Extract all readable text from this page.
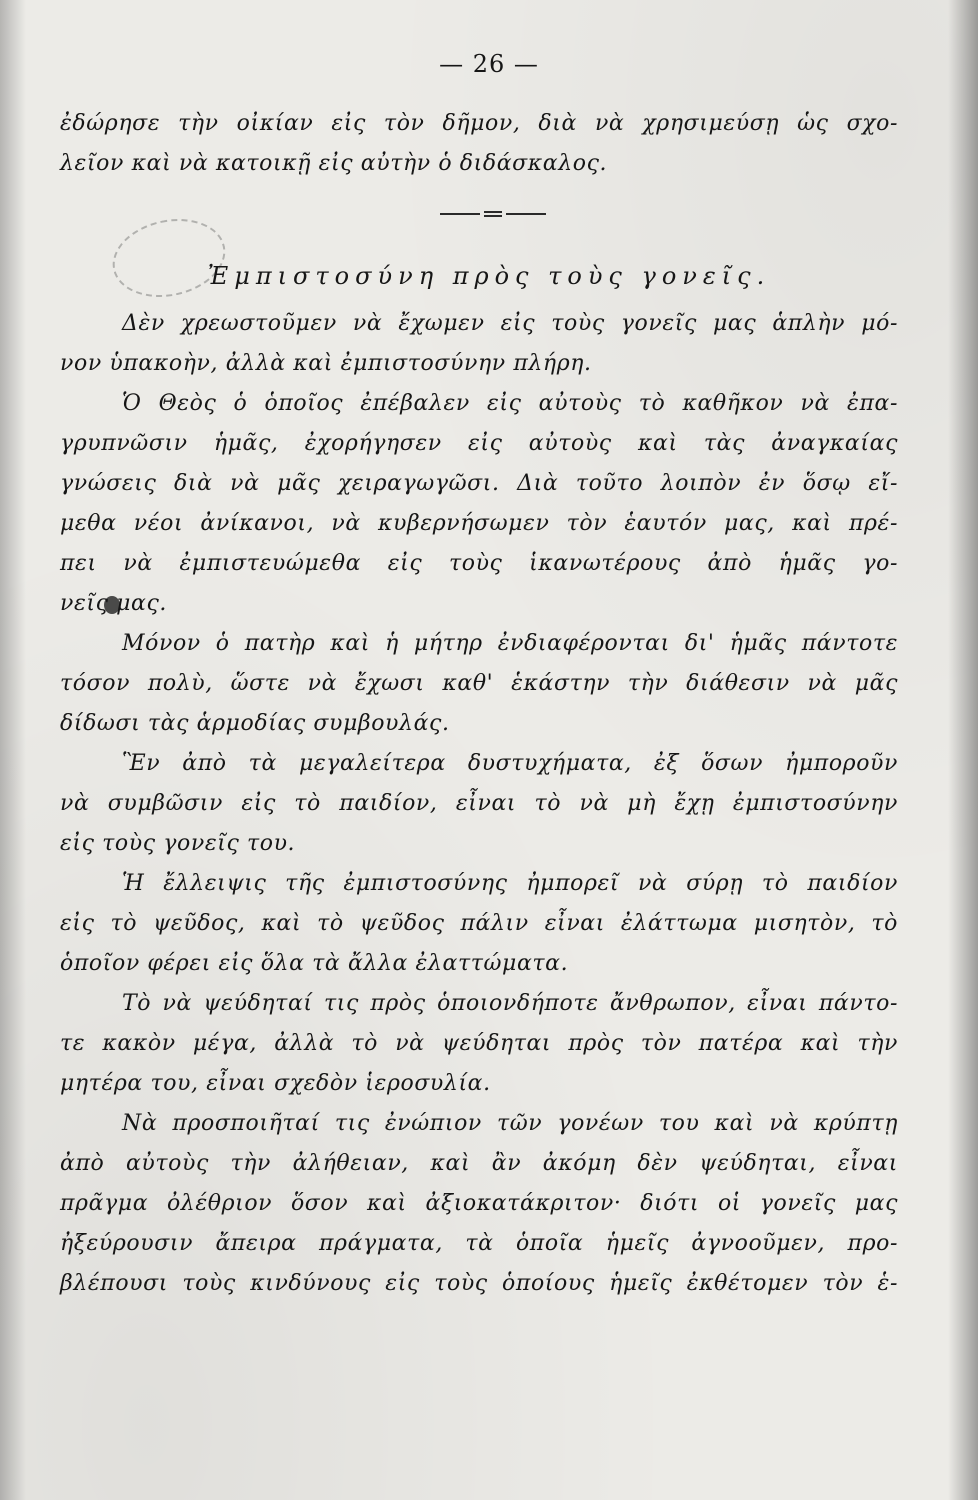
— 26 —
Ἐμπιστοσύνη πρὸς τοὺς γονεῖς.
ἐδώρησε τὴν οἰκίαν εἰς τὸν δῆμον, διὰ νὰ χρησιμεύσῃ ὡς σχο-
λεῖον καὶ νὰ κατοικῇ εἰς αὐτὴν ὁ διδάσκαλος.
Δὲν χρεωστοῦμεν νὰ ἔχωμεν εἰς τοὺς γονεῖς μας ἁπλὴν μό-
νον ὑπακοὴν, ἀλλὰ καὶ ἐμπιστοσύνην πλήρη.
Ὁ Θεὸς ὁ ὁποῖος ἐπέβαλεν εἰς αὐτοὺς τὸ καθῆκον νὰ ἐπα-
γρυπνῶσιν ἡμᾶς, ἐχορήγησεν εἰς αὐτοὺς καὶ τὰς ἀναγκαίας
γνώσεις διὰ νὰ μᾶς χειραγωγῶσι. Διὰ τοῦτο λοιπὸν ἐν ὅσῳ εἴ-
μεθα νέοι ἀνίκανοι, νὰ κυβερνήσωμεν τὸν ἑαυτόν μας, καὶ πρέ-
πει νὰ ἐμπιστευώμεθα εἰς τοὺς ἱκανωτέρους ἀπὸ ἡμᾶς γο-
νεῖς μας.
Μόνον ὁ πατὴρ καὶ ἡ μήτηρ ἐνδιαφέρονται δι' ἡμᾶς πάντοτε
τόσον πολὺ, ὥστε νὰ ἔχωσι καθ' ἑκάστην τὴν διάθεσιν νὰ μᾶς
δίδωσι τὰς ἁρμοδίας συμβουλάς.
Ἓν ἀπὸ τὰ μεγαλείτερα δυστυχήματα, ἐξ ὅσων ἠμποροῦν
νὰ συμβῶσιν εἰς τὸ παιδίον, εἶναι τὸ νὰ μὴ ἔχῃ ἐμπιστοσύνην
εἰς τοὺς γονεῖς του.
Ἡ ἔλλειψις τῆς ἐμπιστοσύνης ἠμπορεῖ νὰ σύρῃ τὸ παιδίον
εἰς τὸ ψεῦδος, καὶ τὸ ψεῦδος πάλιν εἶναι ἐλάττωμα μισητὸν, τὸ
ὁποῖον φέρει εἰς ὅλα τὰ ἄλλα ἐλαττώματα.
Τὸ νὰ ψεύδηταί τις πρὸς ὁποιονδήποτε ἄνθρωπον, εἶναι πάντο-
τε κακὸν μέγα, ἀλλὰ τὸ νὰ ψεύδηται πρὸς τὸν πατέρα καὶ τὴν
μητέρα του, εἶναι σχεδὸν ἱεροσυλία.
Νὰ προσποιῆταί τις ἐνώπιον τῶν γονέων του καὶ νὰ κρύπτῃ
ἀπὸ αὐτοὺς τὴν ἀλήθειαν, καὶ ἂν ἀκόμη δὲν ψεύδηται, εἶναι
πρᾶγμα ὀλέθριον ὅσον καὶ ἀξιοκατάκριτον· διότι οἱ γονεῖς μας
ἠξεύρουσιν ἄπειρα πράγματα, τὰ ὁποῖα ἡμεῖς ἀγνοοῦμεν, προ-
βλέπουσι τοὺς κινδύνους εἰς τοὺς ὁποίους ἡμεῖς ἐκθέτομεν τὸν ἑ-
